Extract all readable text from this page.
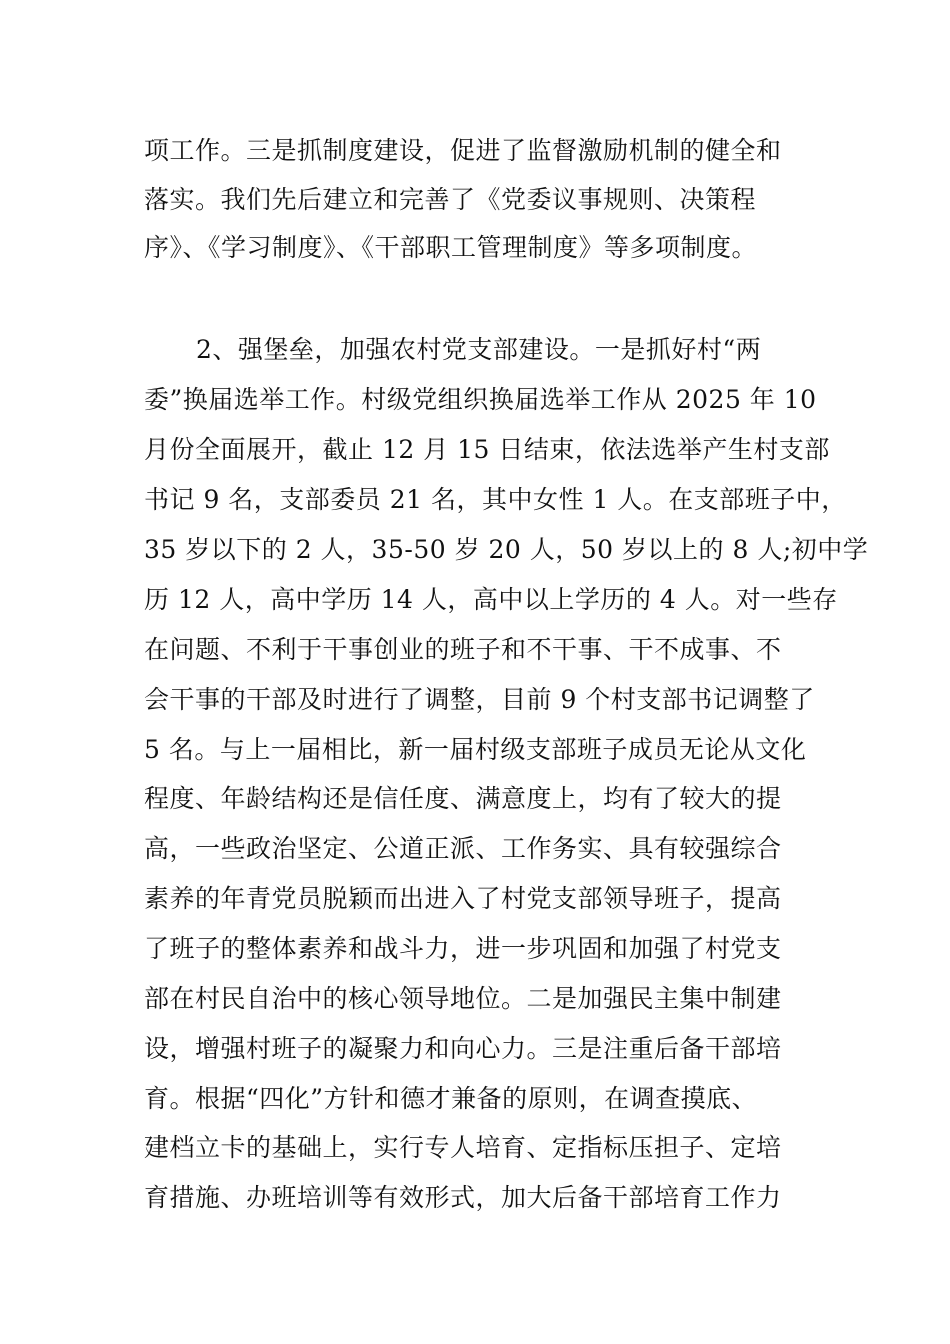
项工作。三是抓制度建设，促进了监督激励机制的健全和
落实。我们先后建立和完善了《党委议事规则、决策程
序》、《学习制度》、《干部职工管理制度》等多项制度。
2、强堡垒，加强农村党支部建设。一是抓好村“两
委”换届选举工作。村级党组织换届选举工作从 2025 年 10
月份全面展开，截止 12 月 15 日结束，依法选举产生村支部
书记 9 名，支部委员 21 名，其中女性 1 人。在支部班子中，
35 岁以下的 2 人，35-50 岁 20 人，50 岁以上的 8 人;初中学
历 12 人，高中学历 14 人，高中以上学历的 4 人。对一些存
在问题、不利于干事创业的班子和不干事、干不成事、不
会干事的干部及时进行了调整，目前 9 个村支部书记调整了
5 名。与上一届相比，新一届村级支部班子成员无论从文化
程度、年龄结构还是信任度、满意度上，均有了较大的提
高，一些政治坚定、公道正派、工作务实、具有较强综合
素养的年青党员脱颖而出进入了村党支部领导班子，提高
了班子的整体素养和战斗力，进一步巩固和加强了村党支
部在村民自治中的核心领导地位。二是加强民主集中制建
设，增强村班子的凝聚力和向心力。三是注重后备干部培
育。根据“四化”方针和德才兼备的原则，在调查摸底、
建档立卡的基础上，实行专人培育、定指标压担子、定培
育措施、办班培训等有效形式，加大后备干部培育工作力
